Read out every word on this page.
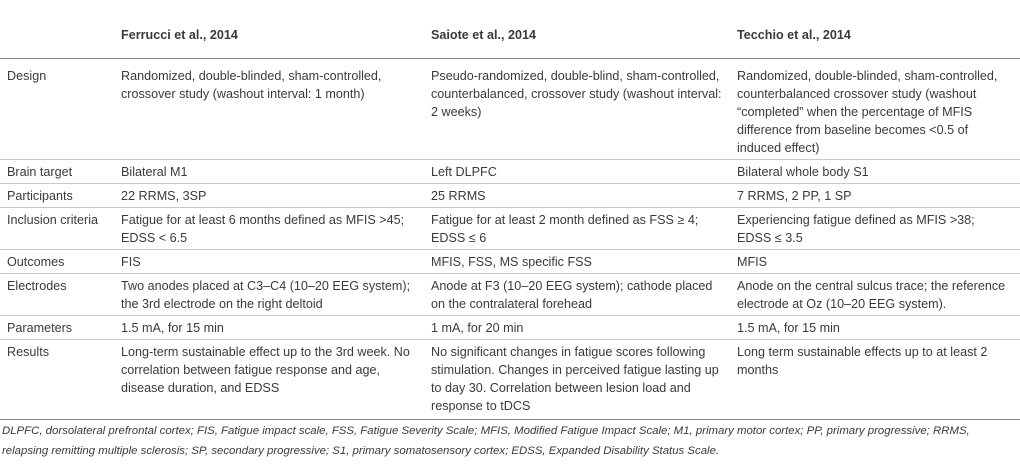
	Ferrucci et al., 2014	Saiote et al., 2014	Tecchio et al., 2014
Design	Randomized, double-blinded, sham-controlled, crossover study (washout interval: 1 month)	Pseudo-randomized, double-blind, sham-controlled, counterbalanced, crossover study (washout interval: 2 weeks)	Randomized, double-blinded, sham-controlled, counterbalanced crossover study (washout “completed” when the percentage of MFIS difference from baseline becomes <0.5 of induced effect)
Brain target	Bilateral M1	Left DLPFC	Bilateral whole body S1
Participants	22 RRMS, 3SP	25 RRMS	7 RRMS, 2 PP, 1 SP
Inclusion criteria	Fatigue for at least 6 months defined as MFIS >45; EDSS < 6.5	Fatigue for at least 2 month defined as FSS ≥ 4; EDSS ≤ 6	Experiencing fatigue defined as MFIS >38; EDSS ≤ 3.5
Outcomes	FIS	MFIS, FSS, MS specific FSS	MFIS
Electrodes	Two anodes placed at C3–C4 (10–20 EEG system); the 3rd electrode on the right deltoid	Anode at F3 (10–20 EEG system); cathode placed on the contralateral forehead	Anode on the central sulcus trace; the reference electrode at Oz (10–20 EEG system).
Parameters	1.5 mA, for 15 min	1 mA, for 20 min	1.5 mA, for 15 min
Results	Long-term sustainable effect up to the 3rd week. No correlation between fatigue response and age, disease duration, and EDSS	No significant changes in fatigue scores following stimulation. Changes in perceived fatigue lasting up to day 30. Correlation between lesion load and response to tDCS	Long term sustainable effects up to at least 2 months
DLPFC, dorsolateral prefrontal cortex; FIS, Fatigue impact scale, FSS, Fatigue Severity Scale; MFIS, Modified Fatigue Impact Scale; M1, primary motor cortex; PP, primary progressive; RRMS, relapsing remitting multiple sclerosis; SP, secondary progressive; S1, primary somatosensory cortex; EDSS, Expanded Disability Status Scale.
